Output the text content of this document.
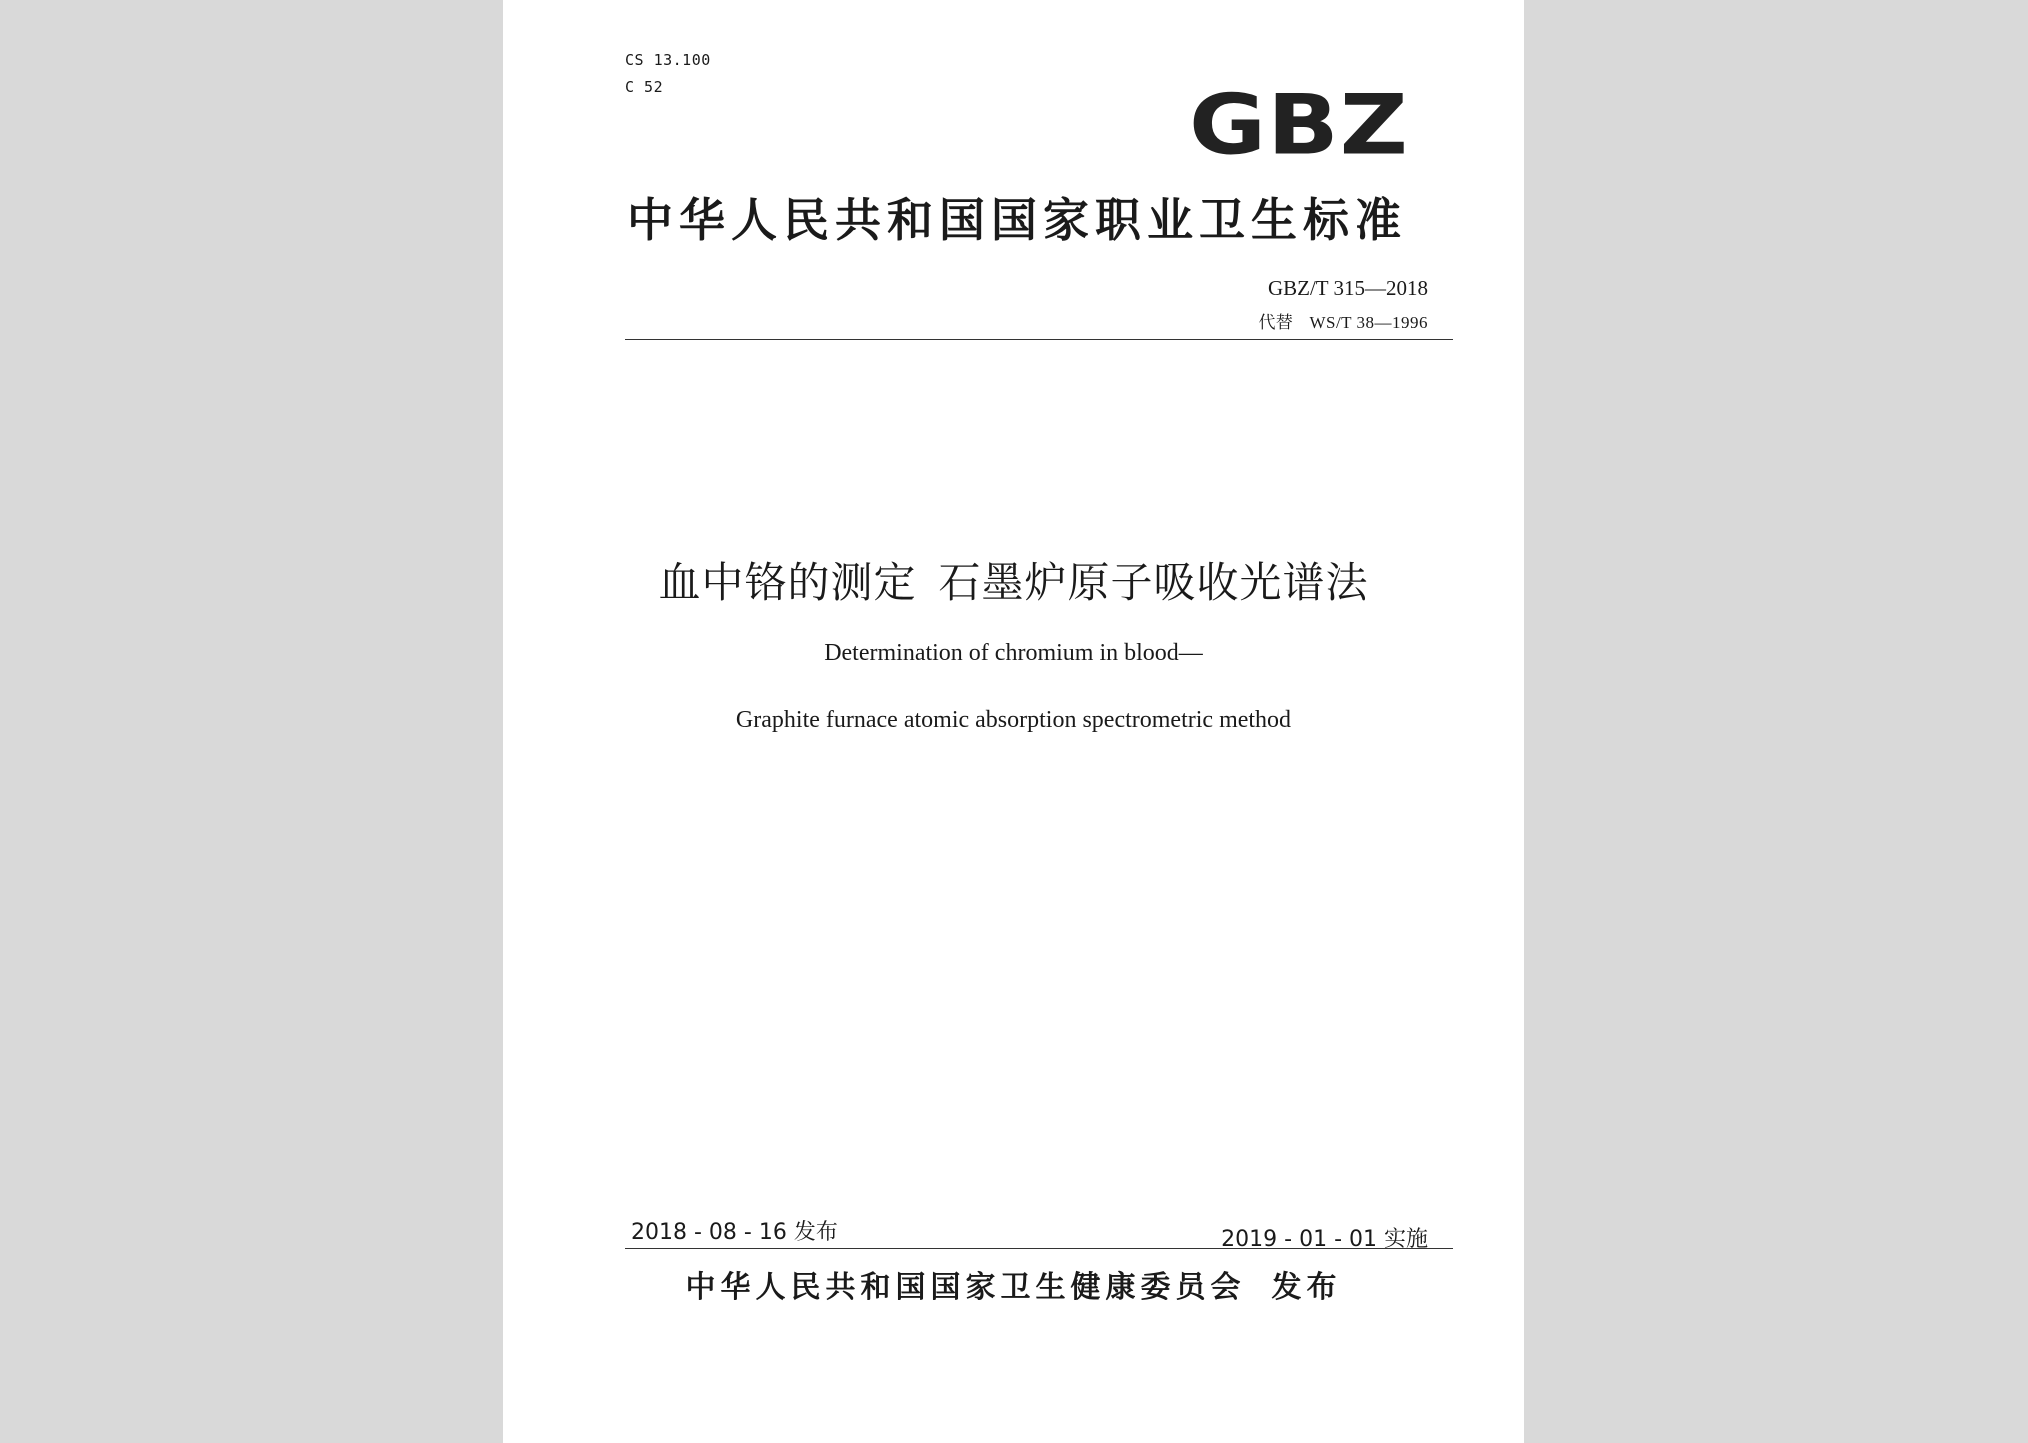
CS 13.100
C 52	GBZ
中华人民共和国国家职业卫生标准
GBZ/T 315—2018
代替 WS/T 38—1996
血中铬的测定 石墨炉原子吸收光谱法
Determination of chromium in blood—
Graphite furnace atomic absorption spectrometric method
2018 - 08 - 16 发布	2019 - 01 - 01 实施
中华人民共和国国家卫生健康委员会 发布
